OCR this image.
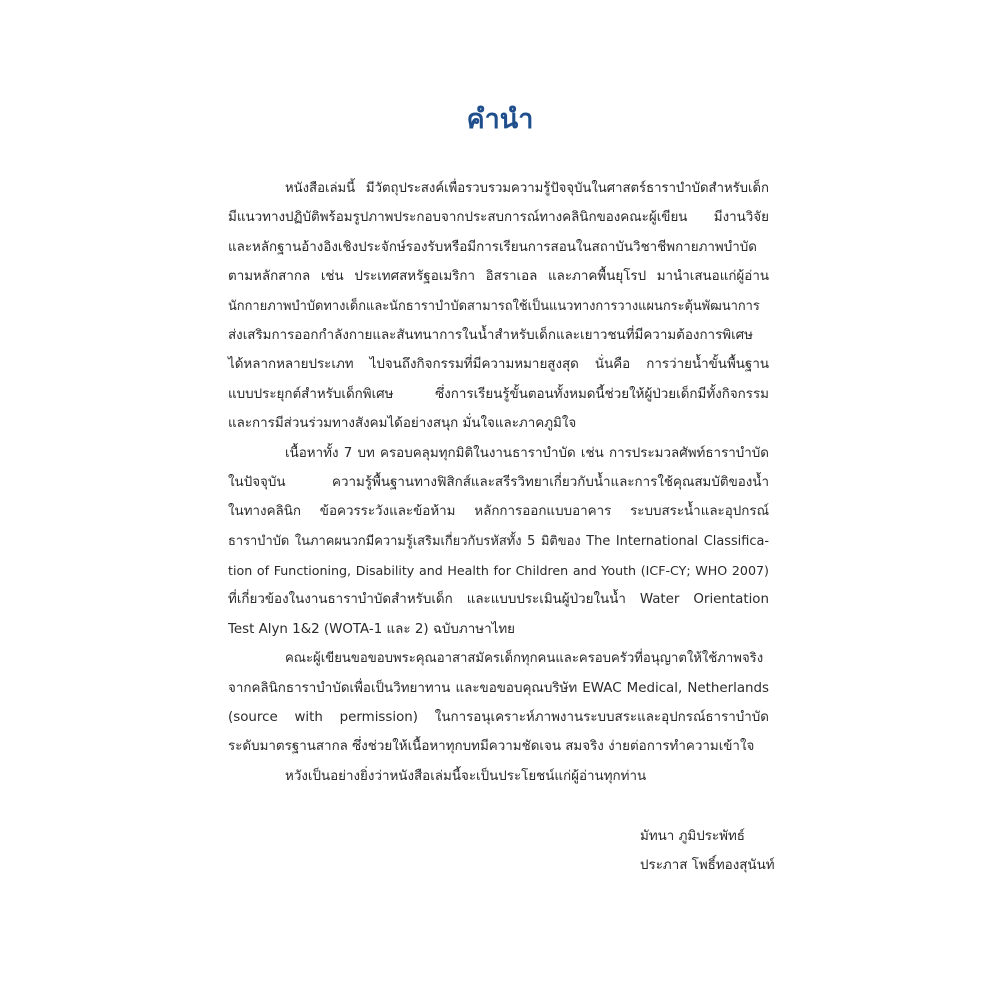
คำนำ
หนังสือเล่มนี้ มีวัตถุประสงค์เพื่อรวบรวมความรู้ปัจจุบันในศาสตร์ธาราบำบัดสำหรับเด็ก
มีแนวทางปฏิบัติพร้อมรูปภาพประกอบจากประสบการณ์ทางคลินิกของคณะผู้เขียน มีงานวิจัย
และหลักฐานอ้างอิงเชิงประจักษ์รองรับหรือมีการเรียนการสอนในสถาบันวิชาชีพกายภาพบำบัด
ตามหลักสากล เช่น ประเทศสหรัฐอเมริกา อิสราเอล และภาคพื้นยุโรป มานำเสนอแก่ผู้อ่าน
นักกายภาพบำบัดทางเด็กและนักธาราบำบัดสามารถใช้เป็นแนวทางการวางแผนกระตุ้นพัฒนาการ
ส่งเสริมการออกกำลังกายและสันทนาการในน้ำสำหรับเด็กและเยาวชนที่มีความต้องการพิเศษ
ได้หลากหลายประเภท ไปจนถึงกิจกรรมที่มีความหมายสูงสุด นั่นคือ การว่ายน้ำขั้นพื้นฐาน
แบบประยุกต์สำหรับเด็กพิเศษ ซึ่งการเรียนรู้ขั้นตอนทั้งหมดนี้ช่วยให้ผู้ป่วยเด็กมีทั้งกิจกรรม
และการมีส่วนร่วมทางสังคมได้อย่างสนุก มั่นใจและภาคภูมิใจ
เนื้อหาทั้ง 7 บท ครอบคลุมทุกมิติในงานธาราบำบัด เช่น การประมวลศัพท์ธาราบำบัด
ในปัจจุบัน ความรู้พื้นฐานทางฟิสิกส์และสรีรวิทยาเกี่ยวกับน้ำและการใช้คุณสมบัติของน้ำ
ในทางคลินิก ข้อควรระวังและข้อห้าม หลักการออกแบบอาคาร ระบบสระน้ำและอุปกรณ์
ธาราบำบัด ในภาคผนวกมีความรู้เสริมเกี่ยวกับรหัสทั้ง 5 มิติของ The International Classifica-
tion of Functioning, Disability and Health for Children and Youth (ICF-CY; WHO 2007)
ที่เกี่ยวข้องในงานธาราบำบัดสำหรับเด็ก และแบบประเมินผู้ป่วยในน้ำ Water Orientation
Test Alyn 1&2 (WOTA-1 และ 2) ฉบับภาษาไทย
คณะผู้เขียนขอขอบพระคุณอาสาสมัครเด็กทุกคนและครอบครัวที่อนุญาตให้ใช้ภาพจริง
จากคลินิกธาราบำบัดเพื่อเป็นวิทยาทาน และขอขอบคุณบริษัท EWAC Medical, Netherlands
(source with permission) ในการอนุเคราะห์ภาพงานระบบสระและอุปกรณ์ธาราบำบัด
ระดับมาตรฐานสากล ซึ่งช่วยให้เนื้อหาทุกบทมีความชัดเจน สมจริง ง่ายต่อการทำความเข้าใจ
หวังเป็นอย่างยิ่งว่าหนังสือเล่มนี้จะเป็นประโยชน์แก่ผู้อ่านทุกท่าน
มัทนา ภูมิประพัทธ์
ประภาส โพธิ์ทองสุนันท์
